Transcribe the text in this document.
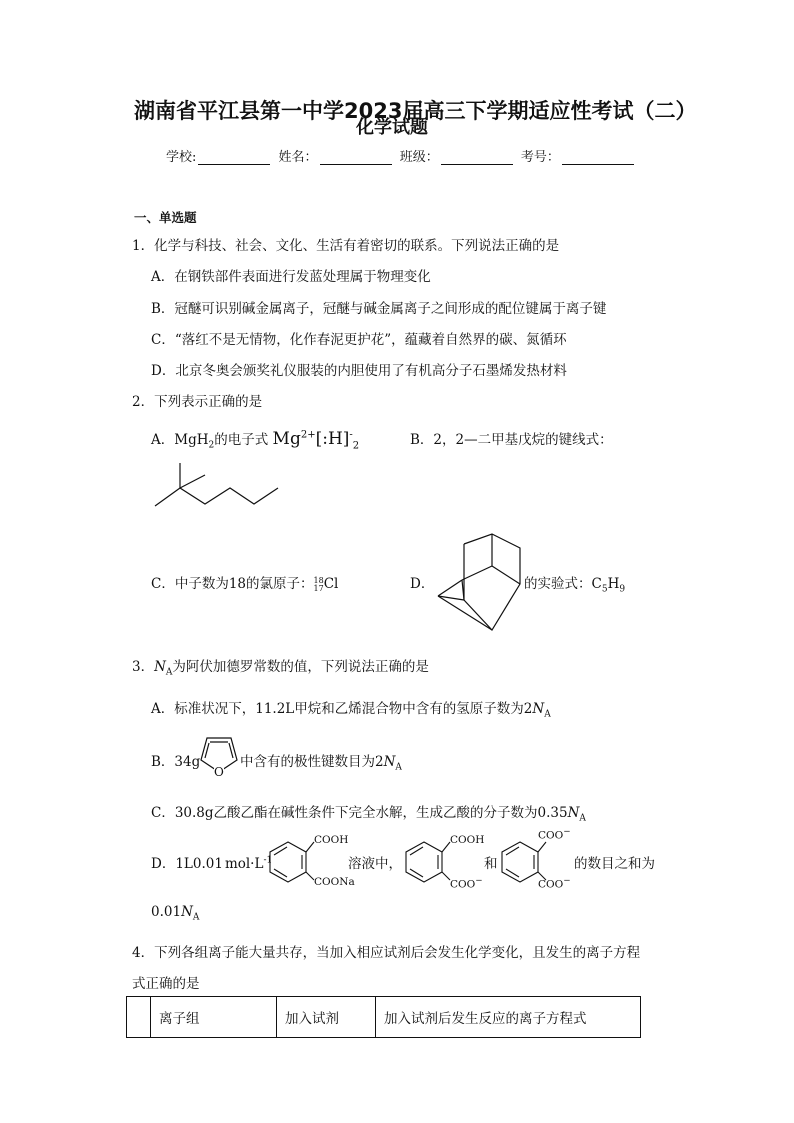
湖南省平江县第一中学2023届高三下学期适应性考试（二）
化学试题
学校:	姓名：	班级：	考号：
一、单选题
1．化学与科技、社会、文化、生活有着密切的联系。下列说法正确的是
A．在钢铁部件表面进行发蓝处理属于物理变化
B．冠醚可识别碱金属离子，冠醚与碱金属离子之间形成的配位键属于离子键
C．“落红不是无情物，化作春泥更护花”，蕴藏着自然界的碳、氮循环
D．北京冬奥会颁奖礼仪服装的内胆使用了有机高分子石墨烯发热材料
2．下列表示正确的是
A．MgH$_2$的电子式 $Mg^{2+}[:H]^-_2$	B．2，2—二甲基戊烷的键线式：
C．中子数为18的氯原子：18
17Cl	D．	的实验式：$C_5H_9$
3．$N_A$为阿伏加德罗常数的值，下列说法正确的是
A．标准状况下，11.2L甲烷和乙烯混合物中含有的氢原子数为$2N_A$
B．34g
O
中含有的极性键数目为$2N_A$
C．30.8g乙酸乙酯在碱性条件下完全水解，生成乙酸的分子数为$0.35N_A$
D．1L0.01 $mol\cdot L^{-1}$
COOH
COONa
溶液中，
COOH
COO−
和
COO−
COO−
的数目之和为
$0.01N_A$
4．下列各组离子能大量共存，当加入相应试剂后会发生化学变化，且发生的离子方程
式正确的是
	离子组	加入试剂	加入试剂后发生反应的离子方程式
